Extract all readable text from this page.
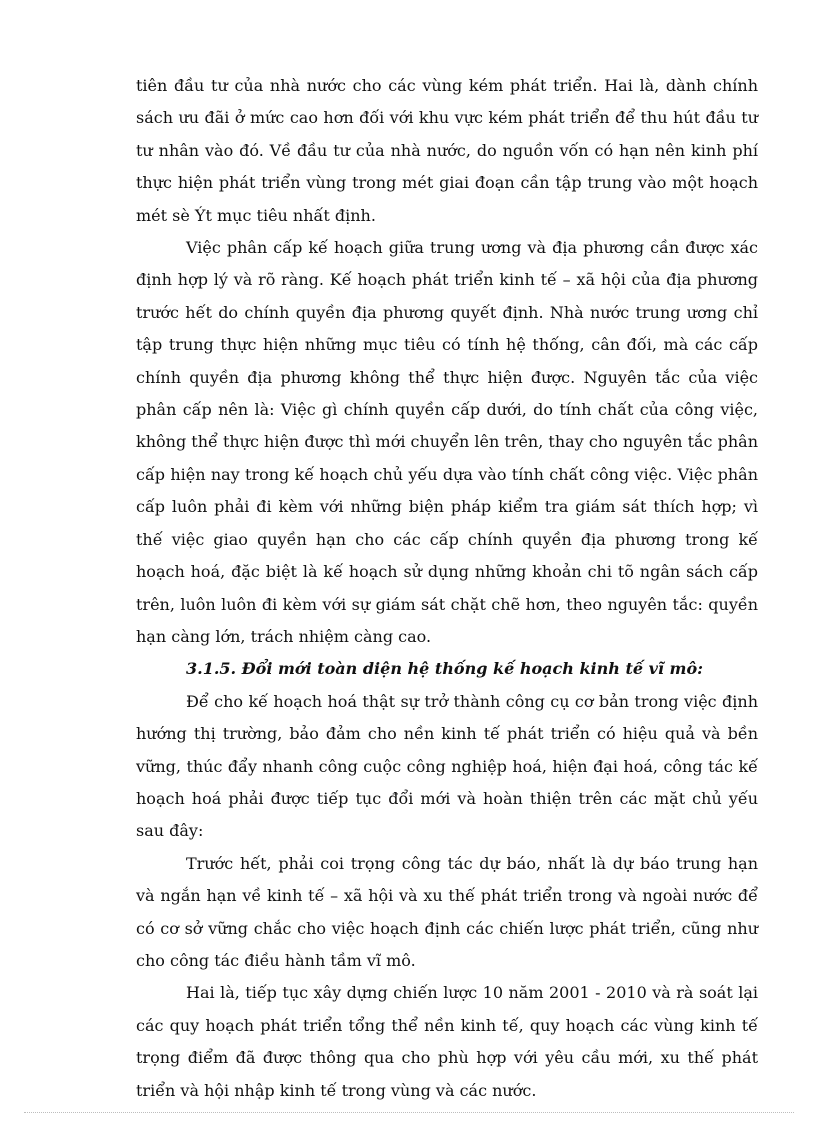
tiên đầu tư của nhà nước cho các vùng kém phát triển. Hai là, dành chính sách ưu đãi ở mức cao hơn đối với khu vực kém phát triển để thu hút đầu tư tư nhân vào đó. Về đầu tư của nhà nước, do nguồn vốn có hạn nên kinh phí thực hiện phát triển vùng trong mét giai đoạn cần tập trung vào một hoạch mét sè Ýt mục tiêu nhất định.

Việc phân cấp kế hoạch giữa trung ương và địa phương cần được xác định hợp lý và rõ ràng. Kế hoạch phát triển kinh tế – xã hội của địa phương trước hết do chính quyền địa phương quyết định. Nhà nước trung ương chỉ tập trung thực hiện những mục tiêu có tính hệ thống, cân đối, mà các cấp chính quyền địa phương không thể thực hiện được. Nguyên tắc của việc phân cấp nên là: Việc gì chính quyền cấp dưới, do tính chất của công việc, không thể thực hiện được thì mới chuyển lên trên, thay cho nguyên tắc phân cấp hiện nay trong kế hoạch chủ yếu dựa vào tính chất công việc. Việc phân cấp luôn phải đi kèm với những biện pháp kiểm tra giám sát thích hợp; vì thế việc giao quyền hạn cho các cấp chính quyền địa phương trong kế hoạch hoá, đặc biệt là kế hoạch sử dụng những khoản chi tõ ngân sách cấp trên, luôn luôn đi kèm với sự giám sát chặt chẽ hơn, theo nguyên tắc: quyền hạn càng lớn, trách nhiệm càng cao.

3.1.5. Đổi mới toàn diện hệ thống kế hoạch kinh tế vĩ mô:

Để cho kế hoạch hoá thật sự trở thành công cụ cơ bản trong việc định hướng thị trường, bảo đảm cho nền kinh tế phát triển có hiệu quả và bền vững, thúc đẩy nhanh công cuộc công nghiệp hoá, hiện đại hoá, công tác kế hoạch hoá phải được tiếp tục đổi mới và hoàn thiện trên các mặt chủ yếu sau đây:

Trước hết, phải coi trọng công tác dự báo, nhất là dự báo trung hạn và ngắn hạn về kinh tế – xã hội và xu thế phát triển trong và ngoài nước để có cơ sở vững chắc cho việc hoạch định các chiến lược phát triển, cũng như cho công tác điều hành tầm vĩ mô.

Hai là, tiếp tục xây dựng chiến lược 10 năm 2001 - 2010 và rà soát lại các quy hoạch phát triển tổng thể nền kinh tế, quy hoạch các vùng kinh tế trọng điểm đã được thông qua cho phù hợp với yêu cầu mới, xu thế phát triển và hội nhập kinh tế trong vùng và các nước.
